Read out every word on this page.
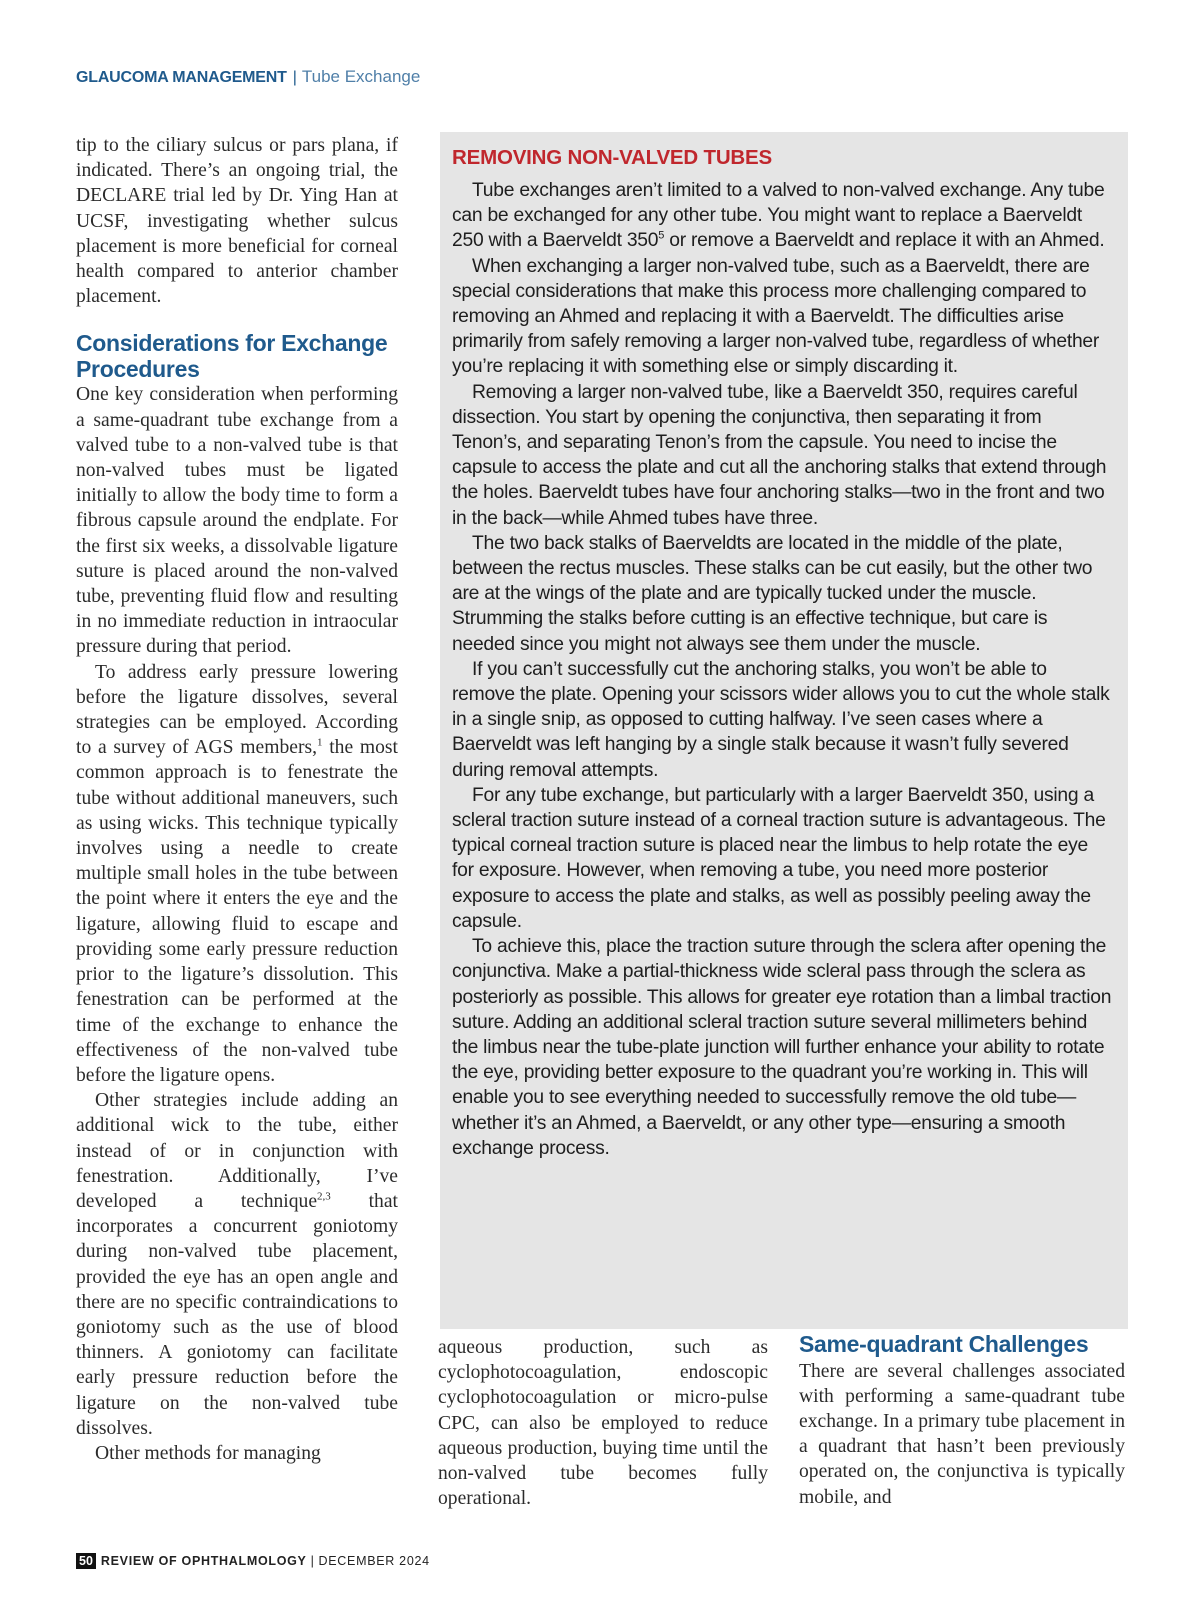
GLAUCOMA MANAGEMENT | Tube Exchange

tip to the ciliary sulcus or pars plana, if indicated. There’s an ongoing trial, the DECLARE trial led by Dr. Ying Han at UCSF, investigating whether sulcus placement is more beneficial for corneal health compared to anterior chamber placement.

Considerations for Exchange Procedures

One key consideration when performing a same-quadrant tube exchange from a valved tube to a non-valved tube is that non-valved tubes must be ligated initially to allow the body time to form a fibrous capsule around the endplate. For the first six weeks, a dissolvable ligature suture is placed around the non-valved tube, preventing fluid flow and resulting in no immediate reduction in intraocular pressure during that period.

To address early pressure lowering before the ligature dissolves, several strategies can be employed. According to a survey of AGS members,$^1$ the most common approach is to fenestrate the tube without additional maneuvers, such as using wicks. This technique typically involves using a needle to create multiple small holes in the tube between the point where it enters the eye and the ligature, allowing fluid to escape and providing some early pressure reduction prior to the ligature’s dissolution. This fenestration can be performed at the time of the exchange to enhance the effectiveness of the non-valved tube before the ligature opens.

Other strategies include adding an additional wick to the tube, either instead of or in conjunction with fenestration. Additionally, I’ve developed a technique$^{2,3}$ that incorporates a concurrent goniotomy during non-valved tube placement, provided the eye has an open angle and there are no specific contraindications to goniotomy such as the use of blood thinners. A goniotomy can facilitate early pressure reduction before the ligature on the non-valved tube dissolves.

Other methods for managing

REMOVING NON-VALVED TUBES

Tube exchanges aren’t limited to a valved to non-valved exchange. Any tube can be exchanged for any other tube. You might want to replace a Baerveldt 250 with a Baerveldt $350^5$ or remove a Baerveldt and replace it with an Ahmed.

When exchanging a larger non-valved tube, such as a Baerveldt, there are special considerations that make this process more challenging compared to removing an Ahmed and replacing it with a Baerveldt. The difficulties arise primarily from safely removing a larger non-valved tube, regardless of whether you’re replacing it with something else or simply discarding it.

Removing a larger non-valved tube, like a Baerveldt 350, requires careful dissection. You start by opening the conjunctiva, then separating it from Tenon’s, and separating Tenon’s from the capsule. You need to incise the capsule to access the plate and cut all the anchoring stalks that extend through the holes. Baerveldt tubes have four anchoring stalks—two in the front and two in the back—while Ahmed tubes have three.

The two back stalks of Baerveldts are located in the middle of the plate, between the rectus muscles. These stalks can be cut easily, but the other two are at the wings of the plate and are typically tucked under the muscle. Strumming the stalks before cutting is an effective technique, but care is needed since you might not always see them under the muscle.

If you can’t successfully cut the anchoring stalks, you won’t be able to remove the plate. Opening your scissors wider allows you to cut the whole stalk in a single snip, as opposed to cutting halfway. I’ve seen cases where a Baerveldt was left hanging by a single stalk because it wasn’t fully severed during removal attempts.

For any tube exchange, but particularly with a larger Baerveldt 350, using a scleral traction suture instead of a corneal traction suture is advantageous. The typical corneal traction suture is placed near the limbus to help rotate the eye for exposure. However, when removing a tube, you need more posterior exposure to access the plate and stalks, as well as possibly peeling away the capsule.

To achieve this, place the traction suture through the sclera after opening the conjunctiva. Make a partial-thickness wide scleral pass through the sclera as posteriorly as possible. This allows for greater eye rotation than a limbal traction suture. Adding an additional scleral traction suture several millimeters behind the limbus near the tube-plate junction will further enhance your ability to rotate the eye, providing better exposure to the quadrant you’re working in. This will enable you to see everything needed to successfully remove the old tube—whether it’s an Ahmed, a Baerveldt, or any other type—ensuring a smooth exchange process.

aqueous production, such as cyclophotocoagulation, endoscopic cyclophotocoagulation or micro-pulse CPC, can also be employed to reduce aqueous production, buying time until the non-valved tube becomes fully operational.

Same-quadrant Challenges

There are several challenges associated with performing a same-quadrant tube exchange. In a primary tube placement in a quadrant that hasn’t been previously operated on, the conjunctiva is typically mobile, and

50 REVIEW OF OPHTHALMOLOGY | DECEMBER 2024
